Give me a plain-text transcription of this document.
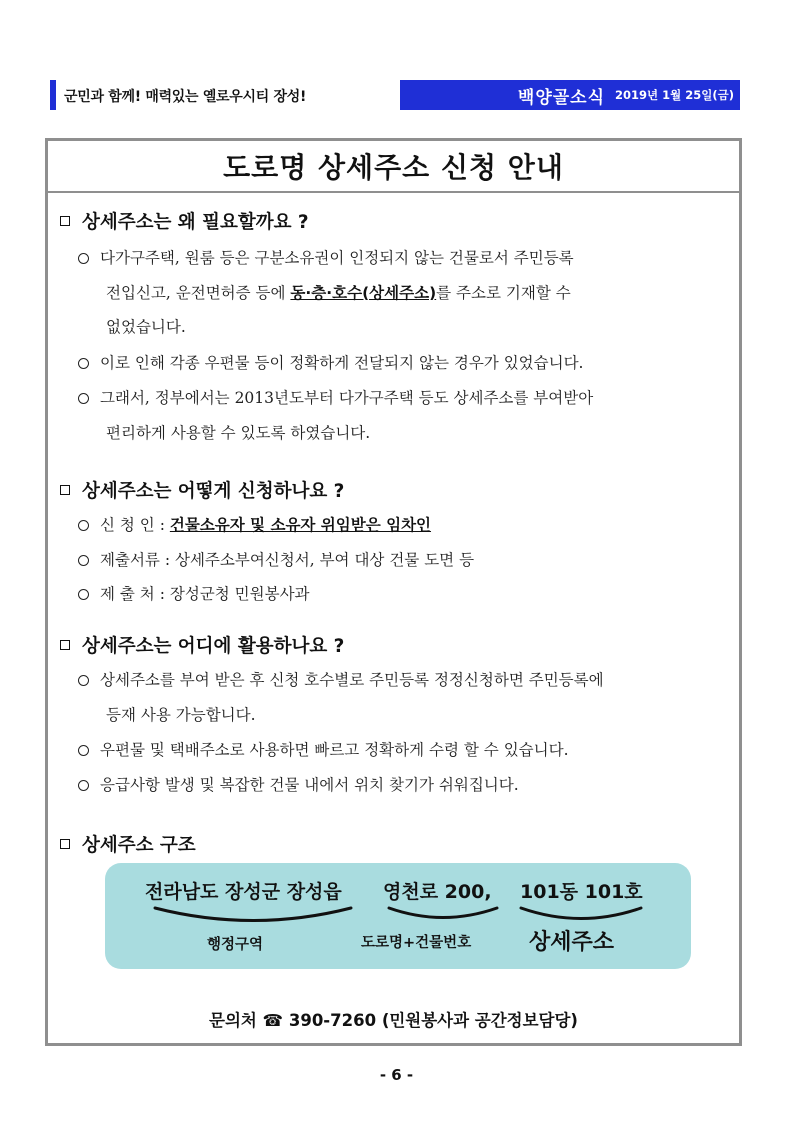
군민과 함께! 매력있는 옐로우시티 장성!	백양골소식 2019년 1월 25일(금)
도로명 상세주소 신청 안내
상세주소는 왜 필요할까요 ?
다가구주택, 원룸 등은 구분소유권이 인정되지 않는 건물로서 주민등록
전입신고, 운전면허증 등에 동·층·호수(상세주소)를 주소로 기재할 수
없었습니다.
이로 인해 각종 우편물 등이 정확하게 전달되지 않는 경우가 있었습니다.
그래서, 정부에서는 2013년도부터 다가구주택 등도 상세주소를 부여받아
편리하게 사용할 수 있도록 하였습니다.
상세주소는 어떻게 신청하나요 ?
신 청 인 : 건물소유자 및 소유자 위임받은 임차인
제출서류 : 상세주소부여신청서, 부여 대상 건물 도면 등
제 출 처 : 장성군청 민원봉사과
상세주소는 어디에 활용하나요 ?
상세주소를 부여 받은 후 신청 호수별로 주민등록 정정신청하면 주민등록에
등재 사용 가능합니다.
우편물 및 택배주소로 사용하면 빠르고 정확하게 수령 할 수 있습니다.
응급사항 발생 및 복잡한 건물 내에서 위치 찾기가 쉬워집니다.
상세주소 구조
전라남도 장성군 장성읍 영천로 200, 101동 101호
행정구역	도로명+건물번호	상세주소
문의처 ☎ 390-7260 (민원봉사과 공간정보담당)
- 6 -
